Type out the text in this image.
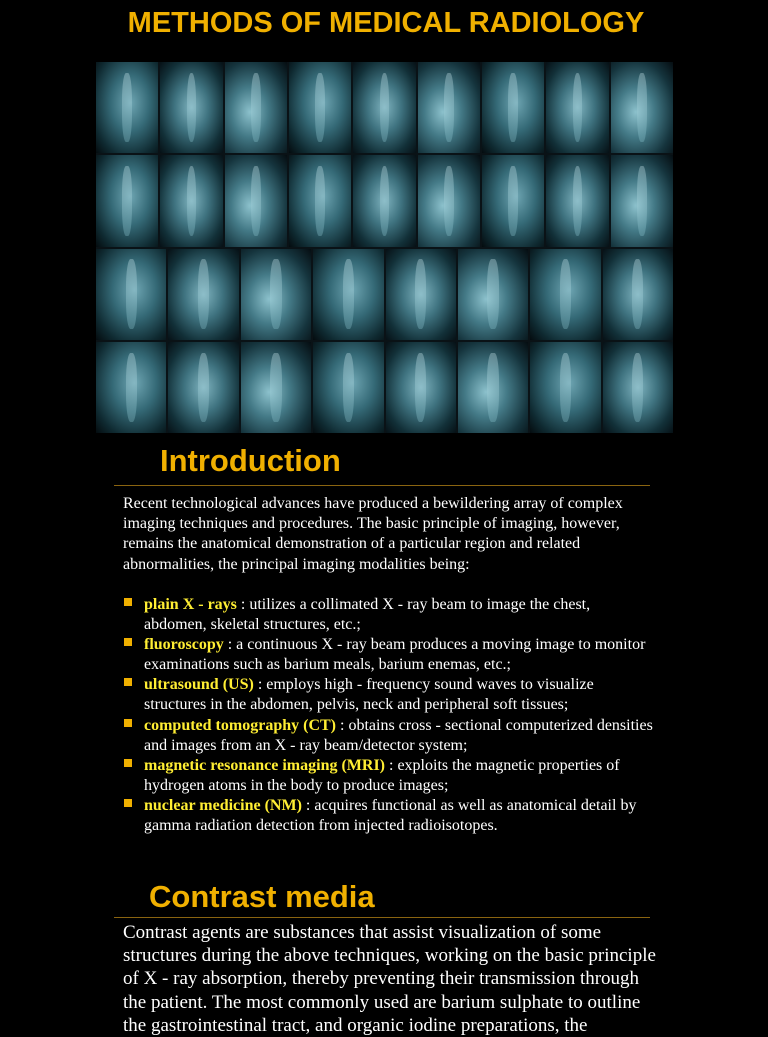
METHODS OF MEDICAL RADIOLOGY
Introduction

Recent technological advances have produced a bewildering array of complex imaging techniques and procedures. The basic principle of imaging, however, remains the anatomical demonstration of a particular region and related abnormalities, the principal imaging modalities being:

plain X - rays : utilizes a collimated X - ray beam to image the chest, abdomen, skeletal structures, etc.;
fluoroscopy : a continuous X - ray beam produces a moving image to monitor examinations such as barium meals, barium enemas, etc.;
ultrasound (US) : employs high - frequency sound waves to visualize structures in the abdomen, pelvis, neck and peripheral soft tissues;
computed tomography (CT) : obtains cross - sectional computerized densities and images from an X - ray beam/detector system;
magnetic resonance imaging (MRI) : exploits the magnetic properties of hydrogen atoms in the body to produce images;
nuclear medicine (NM) : acquires functional as well as anatomical detail by gamma radiation detection from injected radioisotopes.
Contrast media

Contrast agents are substances that assist visualization of some structures during the above techniques, working on the basic principle of X - ray absorption, thereby preventing their transmission through the patient. The most commonly used are barium sulphate to outline the gastrointestinal tract, and organic iodine preparations, the
